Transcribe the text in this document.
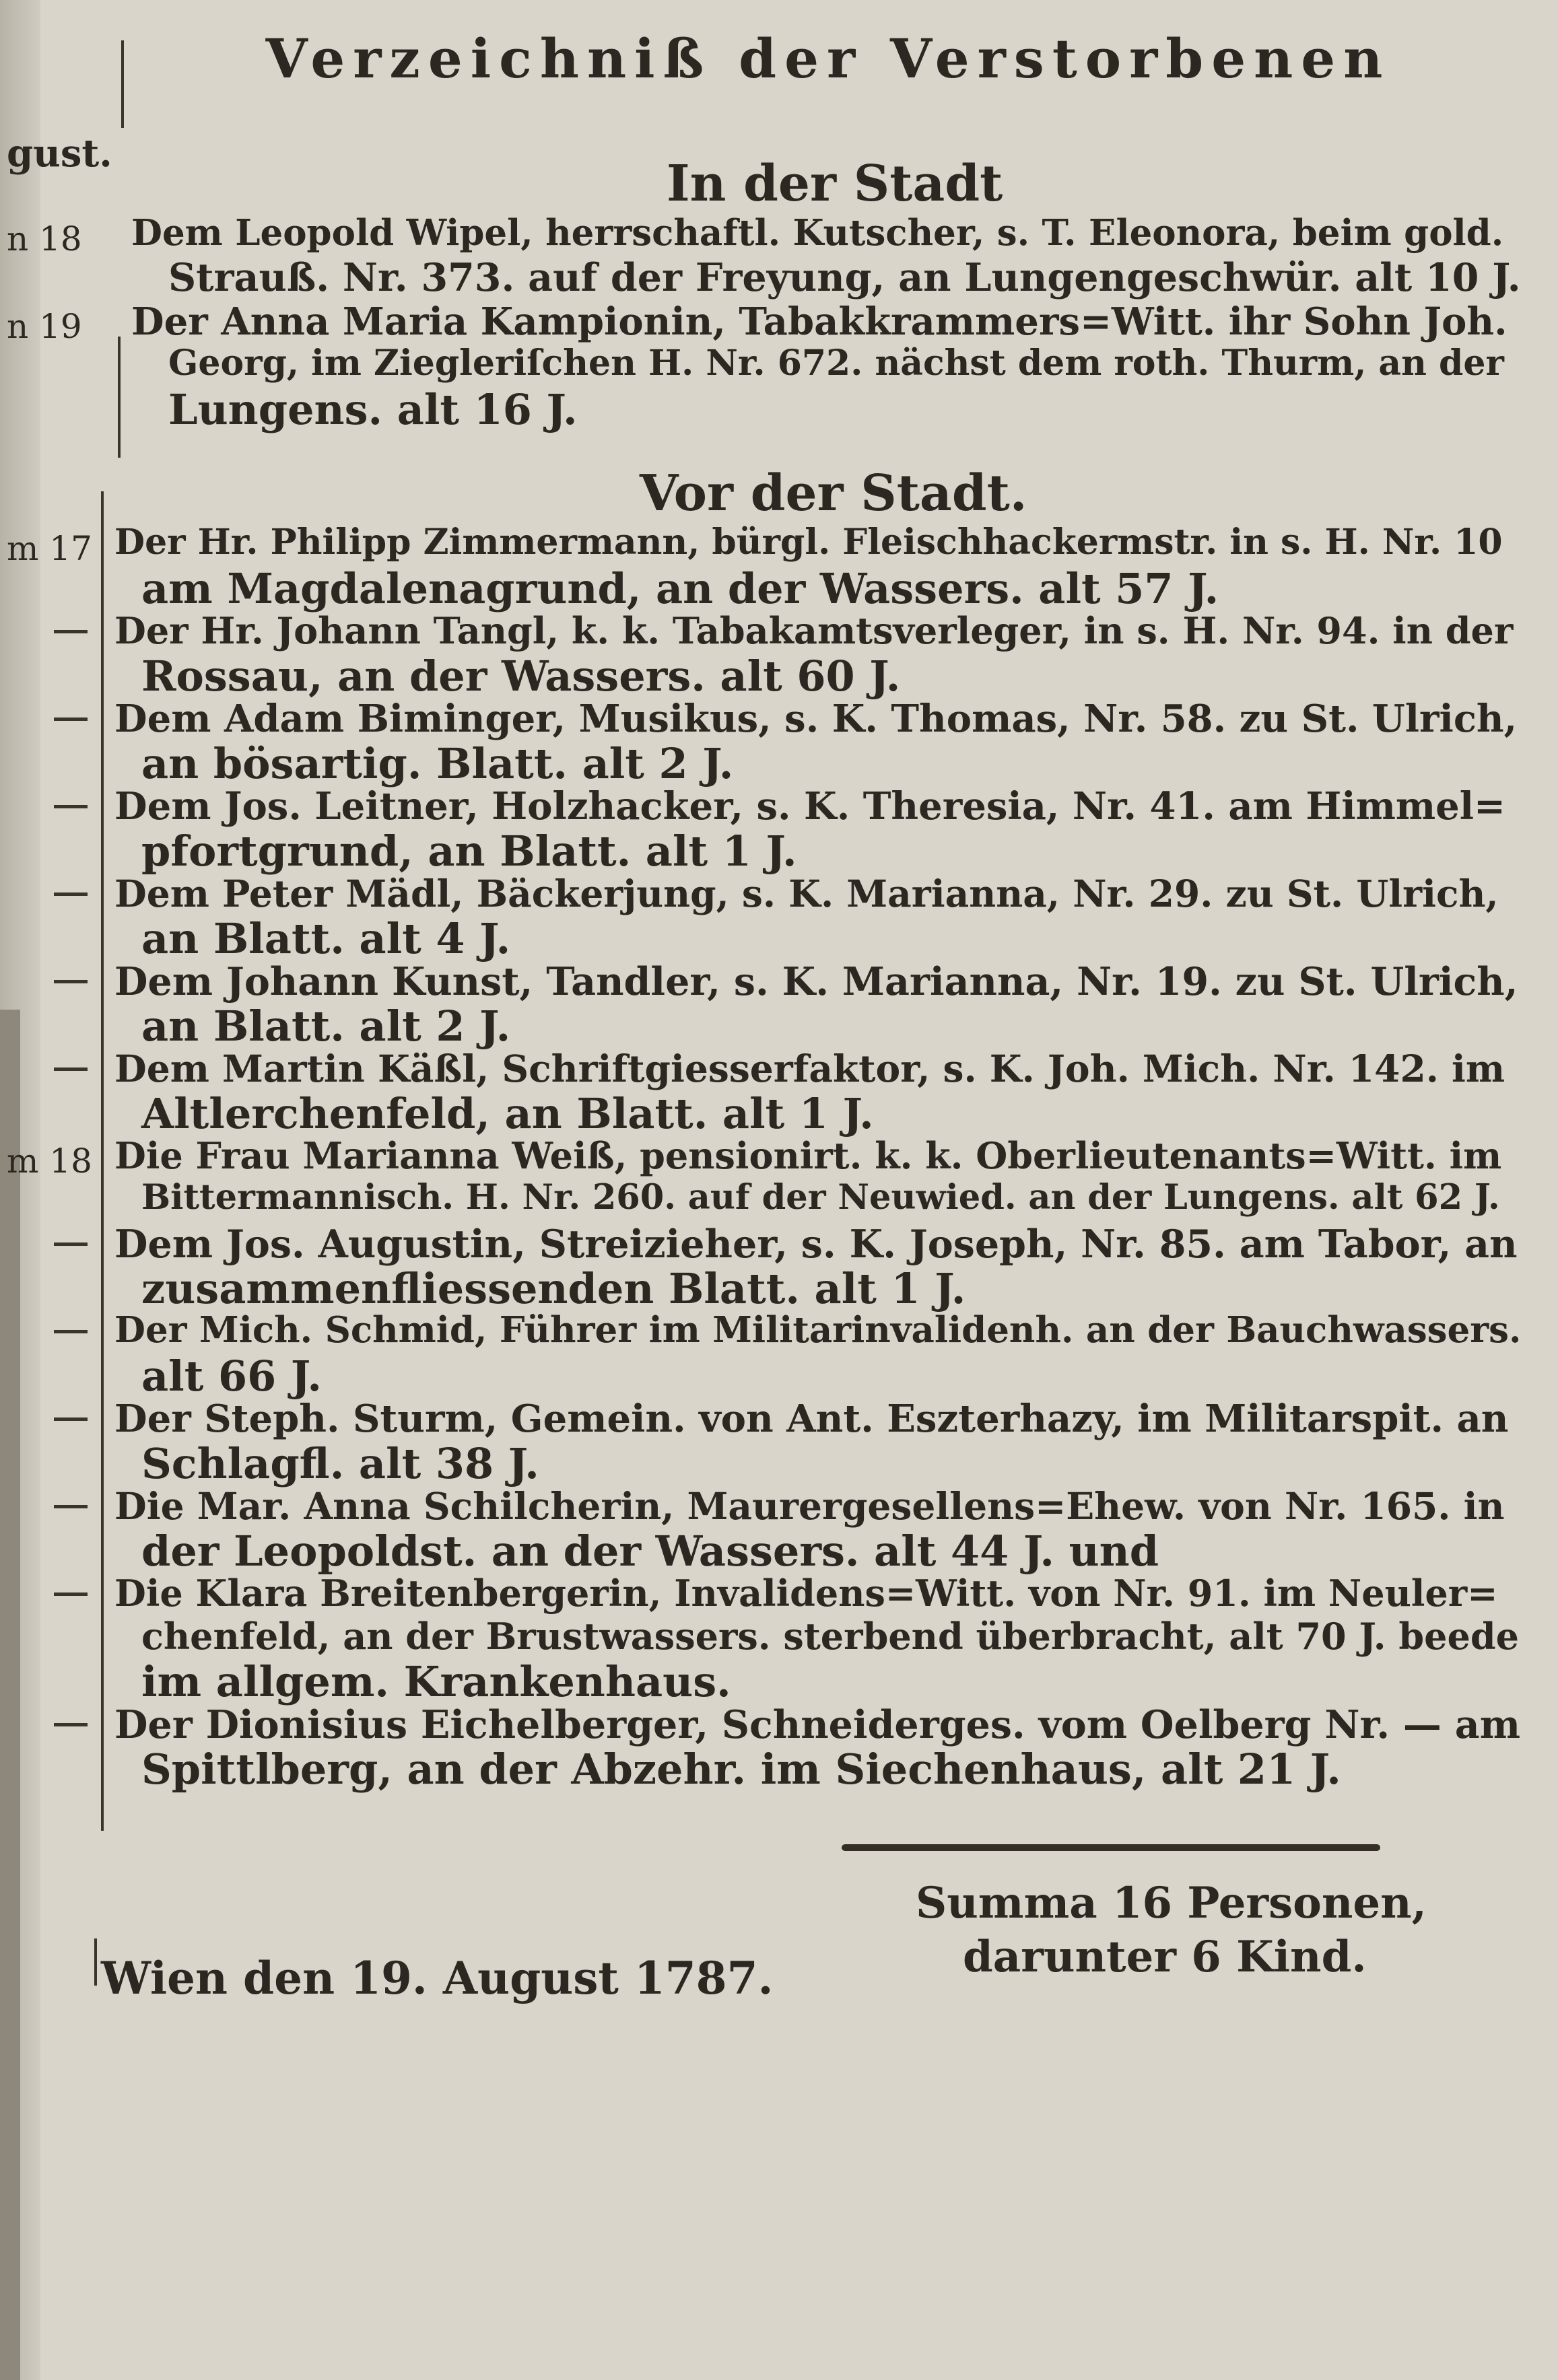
Verzeichniß der Verstorbenen
gust.
In der Stadt
n 18	Dem Leopold Wipel, herrschaftl. Kutscher, s. T. Eleonora, beim gold.
Strauß. Nr. 373. auf der Freyung, an Lungengeschwür. alt 10 J.
n 19	Der Anna Maria Kampionin, Tabakkrammers=Witt. ihr Sohn Joh.
Georg, im Ziegleriſchen H. Nr. 672. nächst dem roth. Thurm, an der
Lungens. alt 16 J.
Vor der Stadt.
m 17 Der Hr. Philipp Zimmermann, bürgl. Fleischhackermstr. in s. H. Nr. 10
am Magdalenagrund, an der Wassers. alt 57 J.
Der Hr. Johann Tangl, k. k. Tabakamtsverleger, in s. H. Nr. 94. in der
Rossau, an der Wassers. alt 60 J.
Dem Adam Biminger, Musikus, s. K. Thomas, Nr. 58. zu St. Ulrich,
an bösartig. Blatt. alt 2 J.
Dem Jos. Leitner, Holzhacker, s. K. Theresia, Nr. 41. am Himmel=
pfortgrund, an Blatt. alt 1 J.
Dem Peter Mädl, Bäckerjung, s. K. Marianna, Nr. 29. zu St. Ulrich,
an Blatt. alt 4 J.
Dem Johann Kunst, Tandler, s. K. Marianna, Nr. 19. zu St. Ulrich,
an Blatt. alt 2 J.
Dem Martin Käßl, Schriftgiesserfaktor, s. K. Joh. Mich. Nr. 142. im
Altlerchenfeld, an Blatt. alt 1 J.
m 18 Die Frau Marianna Weiß, pensionirt. k. k. Oberlieutenants=Witt. im
Bittermannisch. H. Nr. 260. auf der Neuwied. an der Lungens. alt 62 J.
Dem Jos. Augustin, Streizieher, s. K. Joseph, Nr. 85. am Tabor, an
zusammenfliessenden Blatt. alt 1 J.
Der Mich. Schmid, Führer im Militarinvalidenh. an der Bauchwassers.
alt 66 J.
Der Steph. Sturm, Gemein. von Ant. Eszterhazy, im Militarspit. an
Schlagfl. alt 38 J.
Die Mar. Anna Schilcherin, Maurergesellens=Ehew. von Nr. 165. in
der Leopoldst. an der Wassers. alt 44 J. und
Die Klara Breitenbergerin, Invalidens=Witt. von Nr. 91. im Neuler=
chenfeld, an der Brustwassers. sterbend überbracht, alt 70 J. beede
im allgem. Krankenhaus.
Der Dionisius Eichelberger, Schneiderges. vom Oelberg Nr. — am
Spittlberg, an der Abzehr. im Siechenhaus, alt 21 J.
Summa 16 Personen,
darunter 6 Kind.
Wien den 19. August 1787.
